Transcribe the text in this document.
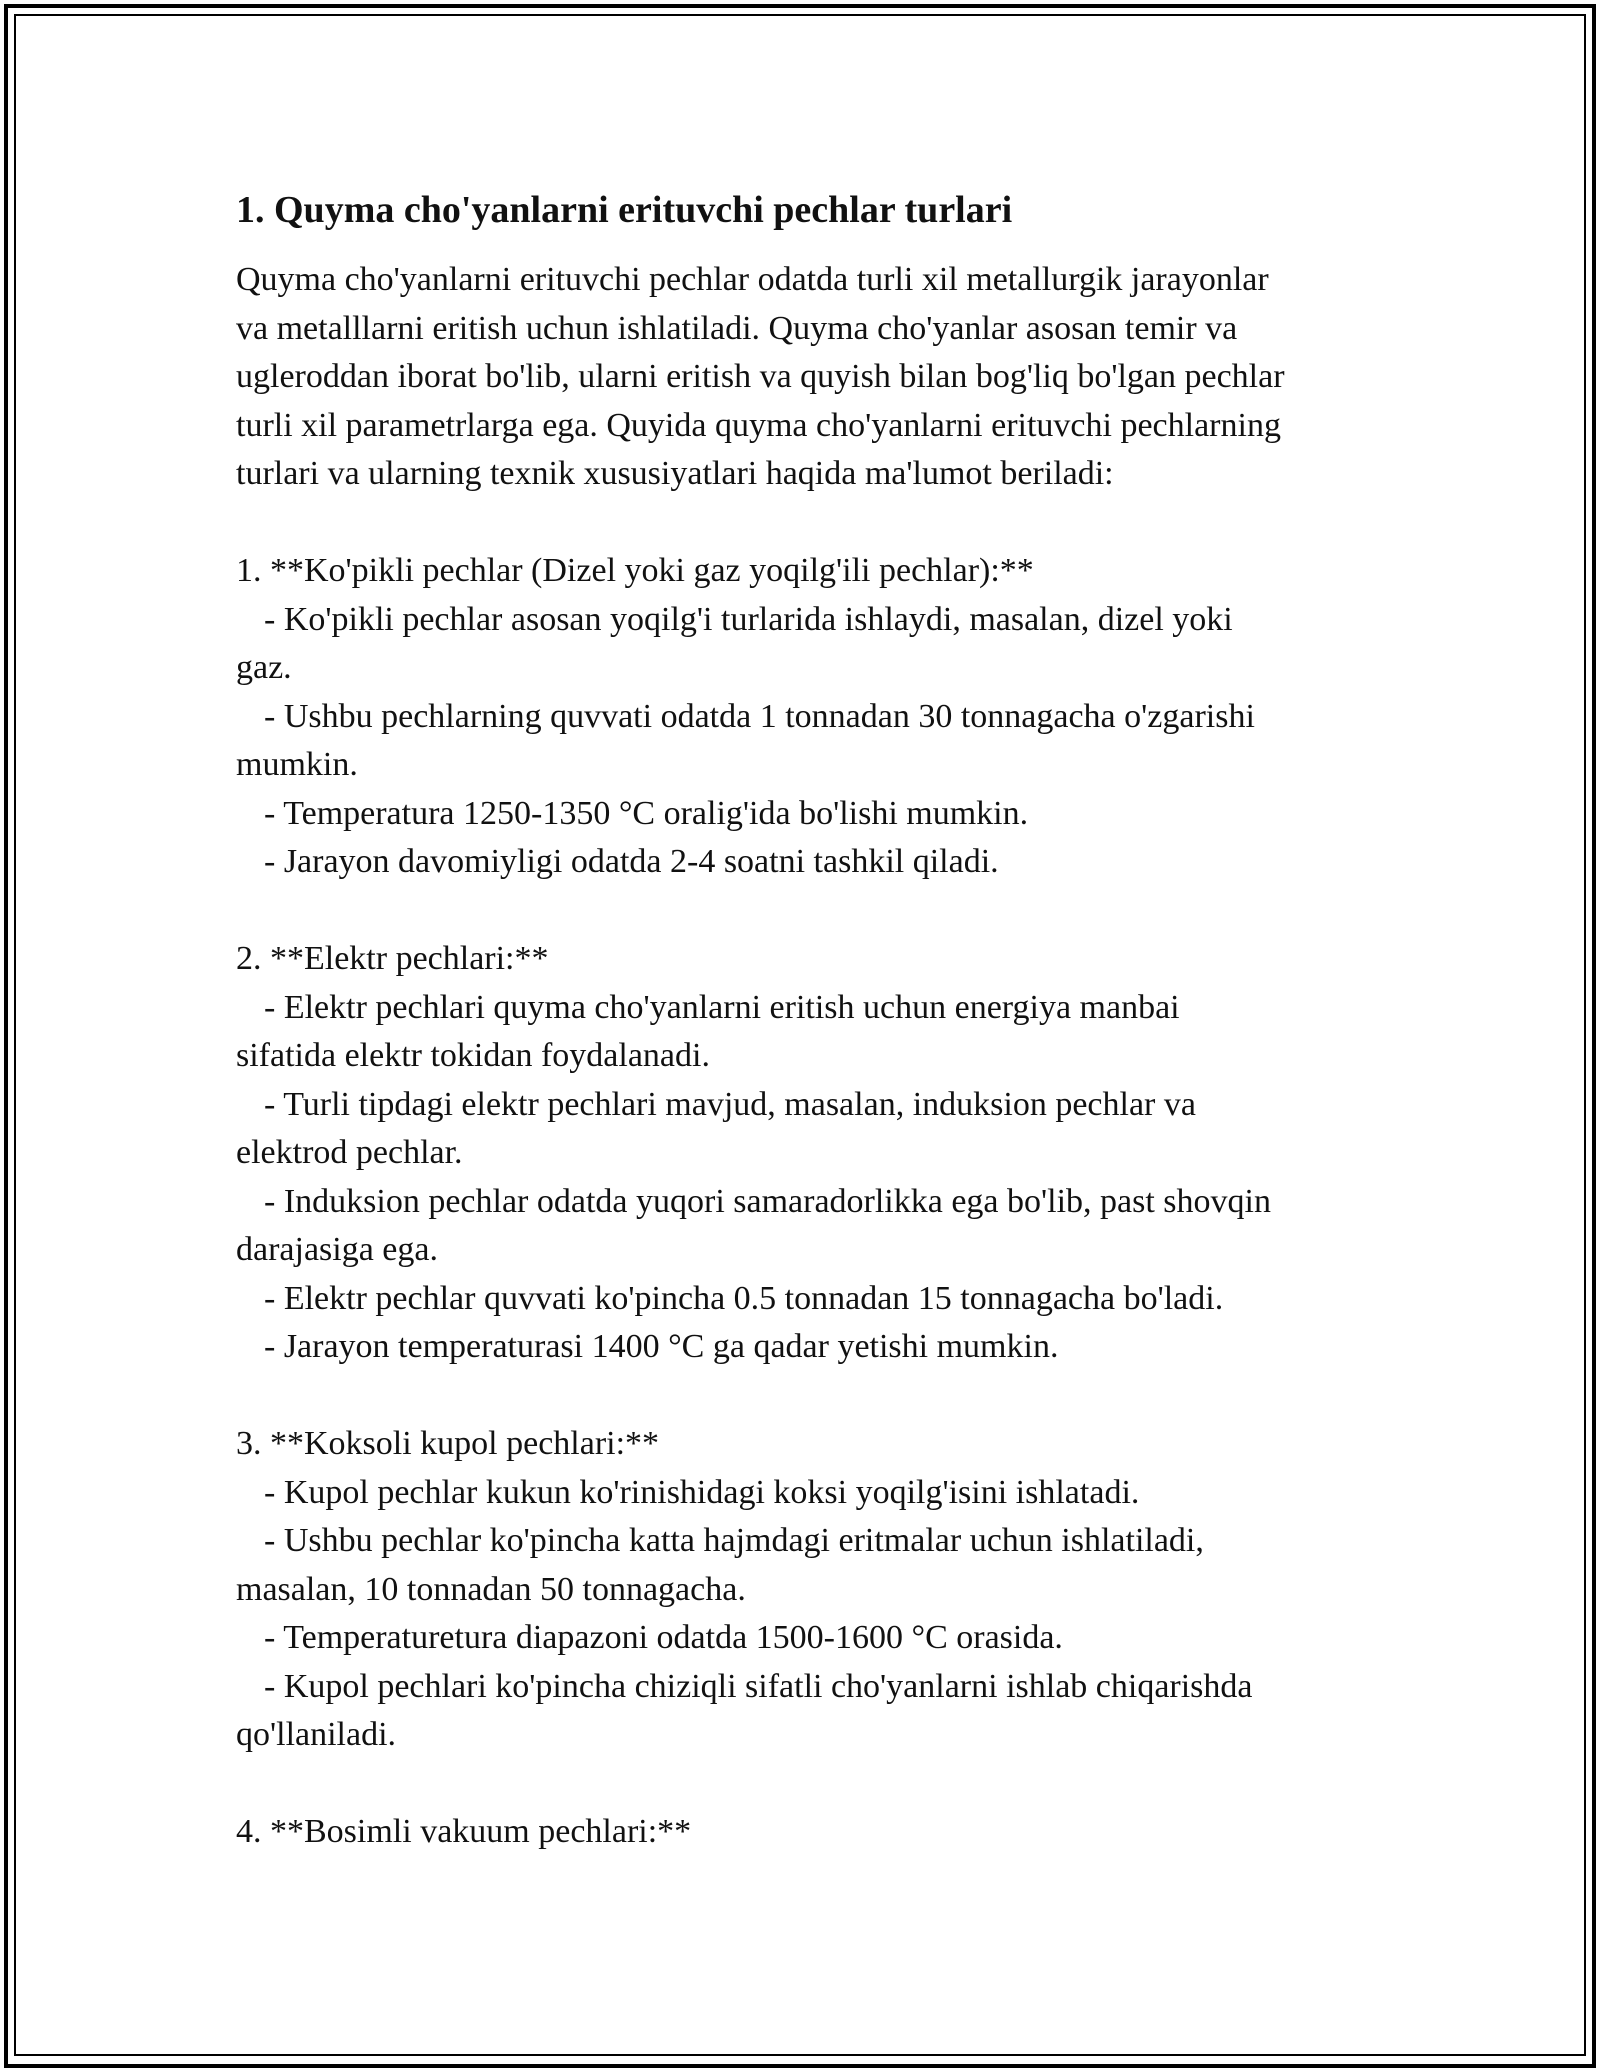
1. Quyma cho'yanlarni erituvchi pechlar turlari
Quyma cho'yanlarni erituvchi pechlar odatda turli xil metallurgik jarayonlar
va metalllarni eritish uchun ishlatiladi. Quyma cho'yanlar asosan temir va
ugleroddan iborat bo'lib, ularni eritish va quyish bilan bog'liq bo'lgan pechlar
turli xil parametrlarga ega. Quyida quyma cho'yanlarni erituvchi pechlarning
turlari va ularning texnik xususiyatlari haqida ma'lumot beriladi:
1. **Ko'pikli pechlar (Dizel yoki gaz yoqilg'ili pechlar):**
- Ko'pikli pechlar asosan yoqilg'i turlarida ishlaydi, masalan, dizel yoki
gaz.
- Ushbu pechlarning quvvati odatda 1 tonnadan 30 tonnagacha o'zgarishi
mumkin.
- Temperatura 1250-1350 °C oralig'ida bo'lishi mumkin.
- Jarayon davomiyligi odatda 2-4 soatni tashkil qiladi.
2. **Elektr pechlari:**
- Elektr pechlari quyma cho'yanlarni eritish uchun energiya manbai
sifatida elektr tokidan foydalanadi.
- Turli tipdagi elektr pechlari mavjud, masalan, induksion pechlar va
elektrod pechlar.
- Induksion pechlar odatda yuqori samaradorlikka ega bo'lib, past shovqin
darajasiga ega.
- Elektr pechlar quvvati ko'pincha 0.5 tonnadan 15 tonnagacha bo'ladi.
- Jarayon temperaturasi 1400 °C ga qadar yetishi mumkin.
3. **Koksoli kupol pechlari:**
- Kupol pechlar kukun ko'rinishidagi koksi yoqilg'isini ishlatadi.
- Ushbu pechlar ko'pincha katta hajmdagi eritmalar uchun ishlatiladi,
masalan, 10 tonnadan 50 tonnagacha.
- Temperaturetura diapazoni odatda 1500-1600 °C orasida.
- Kupol pechlari ko'pincha chiziqli sifatli cho'yanlarni ishlab chiqarishda
qo'llaniladi.
4. **Bosimli vakuum pechlari:**
